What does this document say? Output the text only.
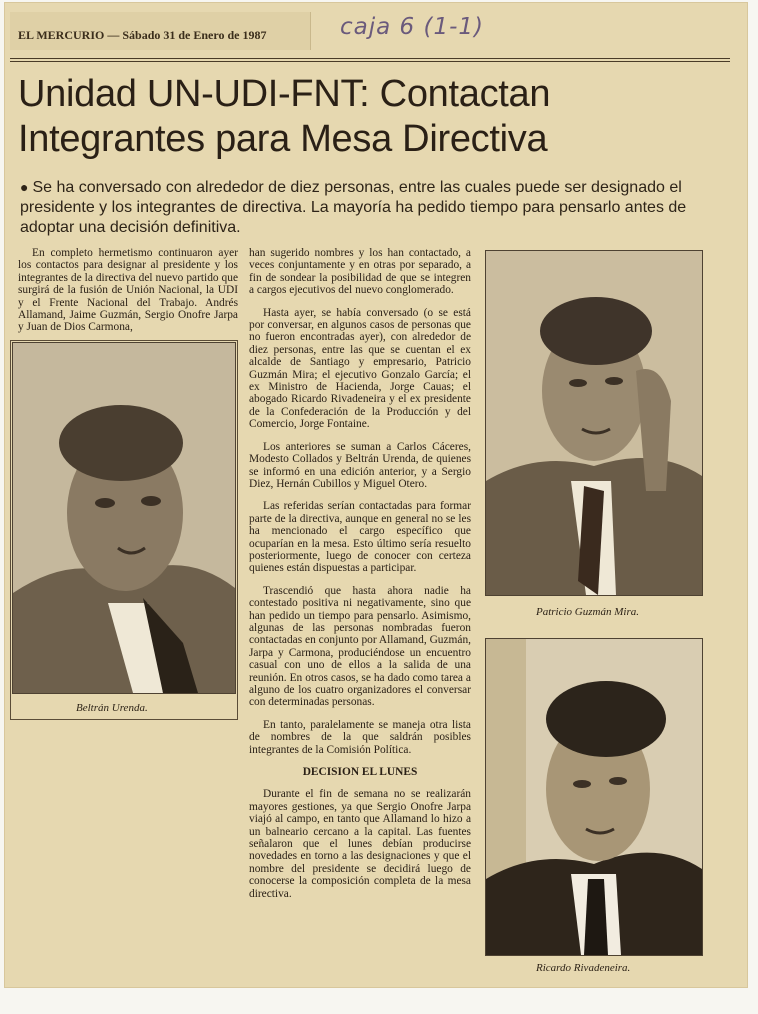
EL MERCURIO — Sábado 31 de Enero de 1987	caja 6 (1-1)
Unidad UN-UDI-FNT: Contactan
Integrantes para Mesa Directiva
● Se ha conversado con alrededor de diez personas, entre las cuales puede ser designado el presidente y los integrantes de directiva. La mayoría ha pedido tiempo para pensarlo antes de adoptar una decisión definitiva.

En completo hermetismo continuaron ayer los contactos para designar al presidente y los integrantes de la directiva del nuevo partido que surgirá de la fusión de Unión Nacional, la UDI y el Frente Nacional del Trabajo. Andrés Allamand, Jaime Guzmán, Sergio Onofre Jarpa y Juan de Dios Carmona,

Beltrán Urenda.

han sugerido nombres y los han contactado, a veces conjuntamente y en otras por separado, a fin de sondear la posibilidad de que se integren a cargos ejecutivos del nuevo conglomerado.

Hasta ayer, se había conversado (o se está por conversar, en algunos casos de personas que no fueron encontradas ayer), con alrededor de diez personas, entre las que se cuentan el ex alcalde de Santiago y empresario, Patricio Guzmán Mira; el ejecutivo Gonzalo García; el ex Ministro de Hacienda, Jorge Cauas; el abogado Ricardo Rivadeneira y el ex presidente de la Confederación de la Producción y del Comercio, Jorge Fontaine.

Los anteriores se suman a Carlos Cáceres, Modesto Collados y Beltrán Urenda, de quienes se informó en una edición anterior, y a Sergio Diez, Hernán Cubillos y Miguel Otero.

Las referidas serían contactadas para formar parte de la directiva, aunque en general no se les ha mencionado el cargo específico que ocuparían en la mesa. Esto último sería resuelto posteriormente, luego de conocer con certeza quienes están dispuestas a participar.

Trascendió que hasta ahora nadie ha contestado positiva ni negativamente, sino que han pedido un tiempo para pensarlo. Asimismo, algunas de las personas nombradas fueron contactadas en conjunto por Allamand, Guzmán, Jarpa y Carmona, produciéndose un encuentro casual con uno de ellos a la salida de una reunión. En otros casos, se ha dado como tarea a alguno de los cuatro organizadores el conversar con determinadas personas.

En tanto, paralelamente se maneja otra lista de nombres de la que saldrán posibles integrantes de la Comisión Política.

DECISION EL LUNES

Durante el fin de semana no se realizarán mayores gestiones, ya que Sergio Onofre Jarpa viajó al campo, en tanto que Allamand lo hizo a un balneario cercano a la capital. Las fuentes señalaron que el lunes debían producirse novedades en torno a las designaciones y que el nombre del presidente se decidirá luego de conocerse la composición completa de la mesa directiva.

Patricio Guzmán Mira.
Ricardo Rivadeneira.
